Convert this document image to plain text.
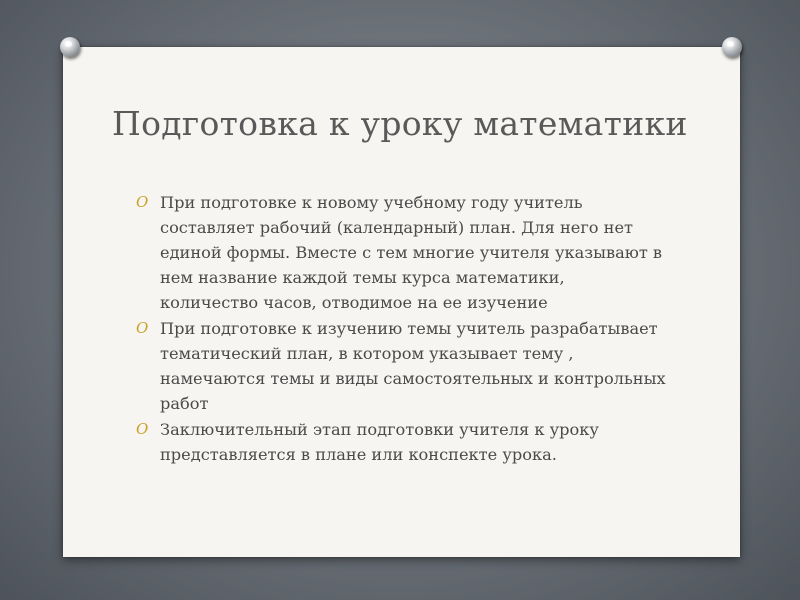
Подготовка к уроку математики
O При подготовке к новому учебному году учитель составляет рабочий (календарный) план. Для него нет единой формы. Вместе с тем многие учителя указывают в нем название каждой темы курса математики, количество часов, отводимое на ее изучение
O При подготовке к изучению темы учитель разрабатывает тематический план, в котором указывает тему , намечаются темы и виды самостоятельных и контрольных работ
O Заключительный этап подготовки учителя к уроку представляется в плане или конспекте урока.
